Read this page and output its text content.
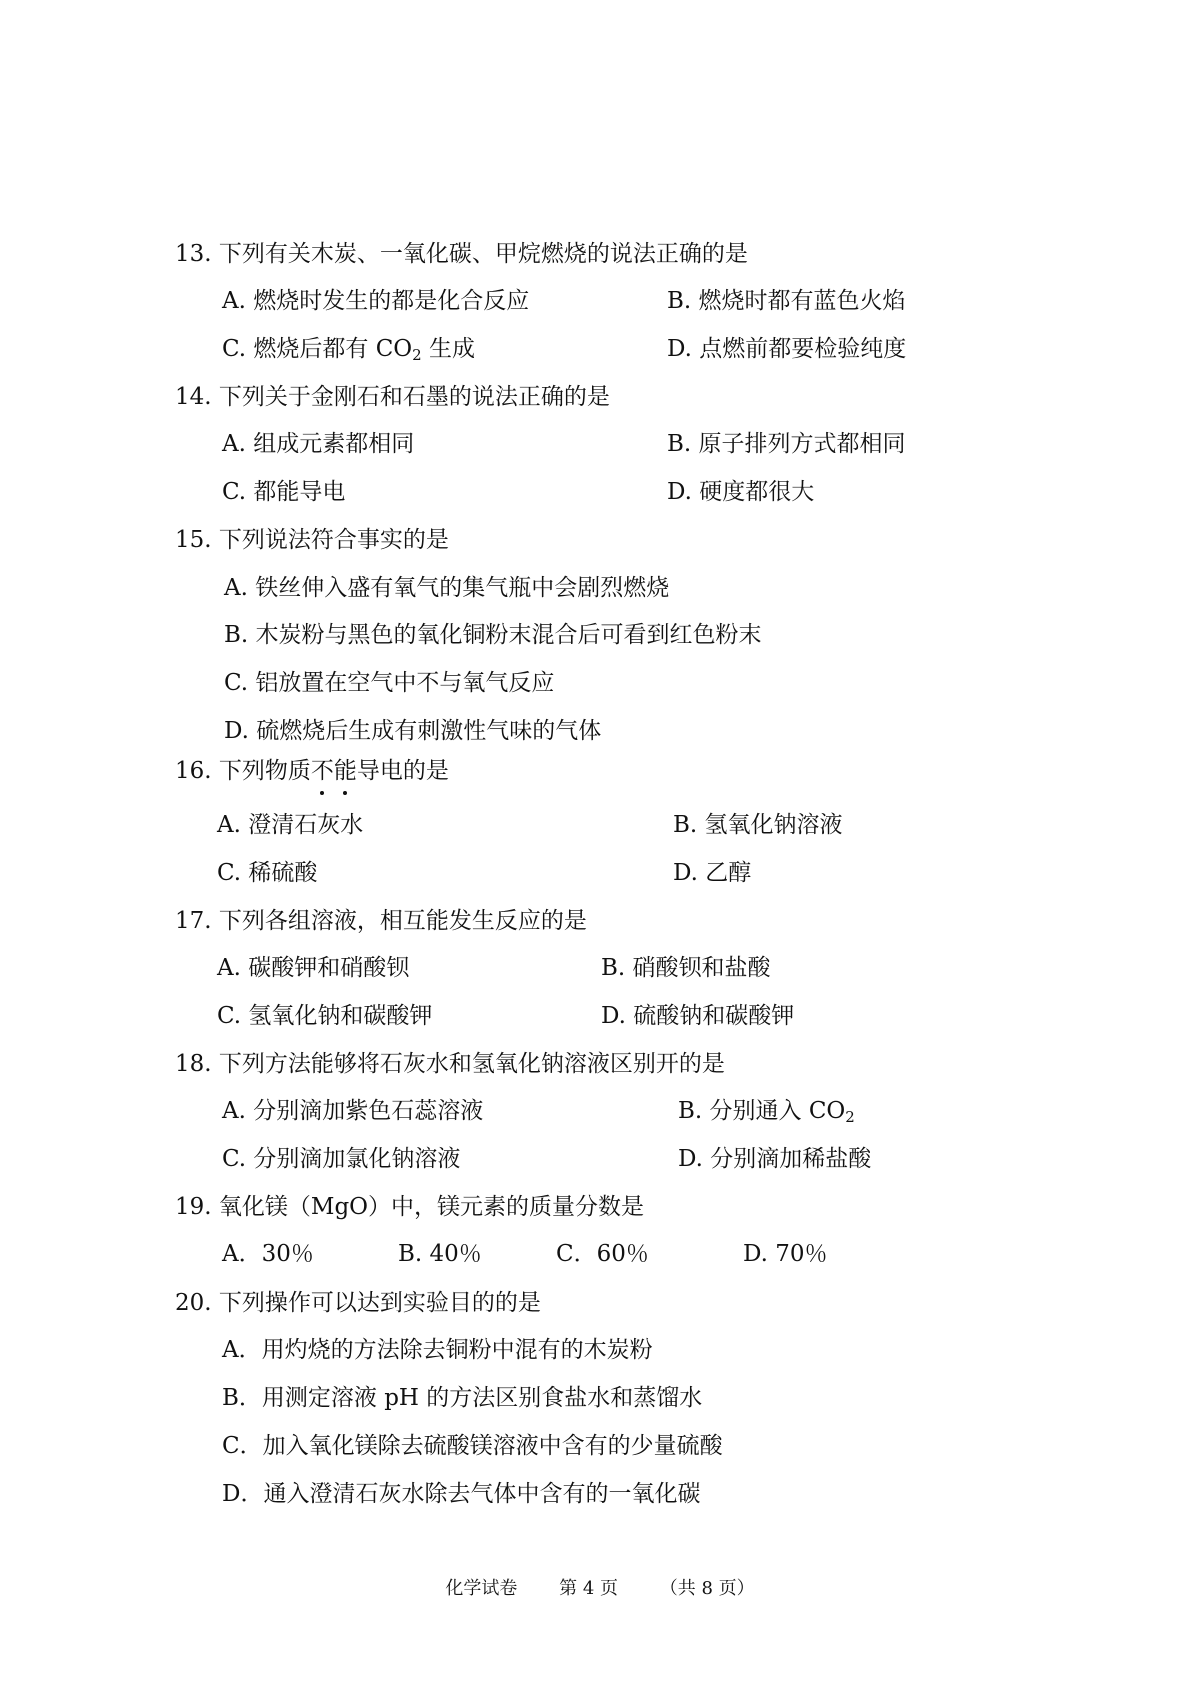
13. 下列有关木炭、一氧化碳、甲烷燃烧的说法正确的是
A. 燃烧时发生的都是化合反应	B. 燃烧时都有蓝色火焰
C. 燃烧后都有 $CO_2$ 生成	D. 点燃前都要检验纯度
14. 下列关于金刚石和石墨的说法正确的是
A. 组成元素都相同	B. 原子排列方式都相同
C. 都能导电	D. 硬度都很大
15. 下列说法符合事实的是
A. 铁丝伸入盛有氧气的集气瓶中会剧烈燃烧
B. 木炭粉与黑色的氧化铜粉末混合后可看到红色粉末
C. 铝放置在空气中不与氧气反应
D. 硫燃烧后生成有刺激性气味的气体
16. 下列物质不能导电的是
A. 澄清石灰水	B. 氢氧化钠溶液
C. 稀硫酸	D. 乙醇
17. 下列各组溶液，相互能发生反应的是
A. 碳酸钾和硝酸钡	B. 硝酸钡和盐酸
C. 氢氧化钠和碳酸钾	D. 硫酸钠和碳酸钾
18. 下列方法能够将石灰水和氢氧化钠溶液区别开的是
A. 分别滴加紫色石蕊溶液	B. 分别通入 $CO_2$
C. 分别滴加氯化钠溶液	D. 分别滴加稀盐酸
19. 氧化镁（MgO）中，镁元素的质量分数是
A．30％	B. 40％	C．60％	D. 70％
20. 下列操作可以达到实验目的的是
A．用灼烧的方法除去铜粉中混有的木炭粉
B．用测定溶液 pH 的方法区别食盐水和蒸馏水
C．加入氧化镁除去硫酸镁溶液中含有的少量硫酸
D．通入澄清石灰水除去气体中含有的一氧化碳
化学试卷 第 4 页 （共 8 页）
